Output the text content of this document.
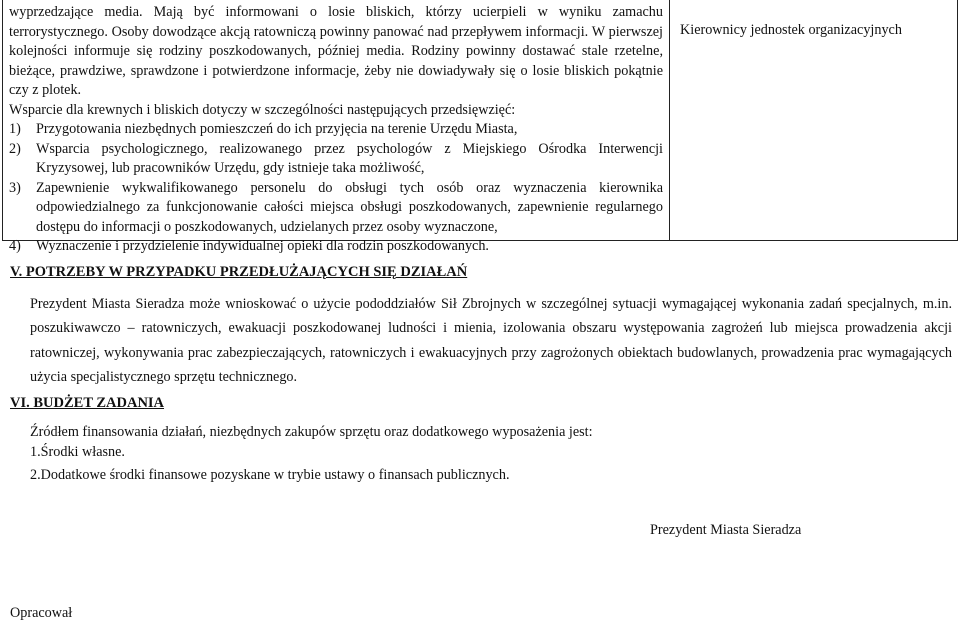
wyprzedzające media. Mają być informowani o losie bliskich, którzy ucierpieli w wyniku zamachu terrorystycznego. Osoby dowodzące akcją ratowniczą powinny panować nad przepływem informacji. W pierwszej kolejności informuje się rodziny poszkodowanych, później media. Rodziny powinny dostawać stale rzetelne, bieżące, prawdziwe, sprawdzone i potwierdzone informacje, żeby nie dowiadywały się o losie bliskich pokątnie czy z plotek.
Wsparcie dla krewnych i bliskich dotyczy w szczególności następujących przedsięwzięć:
1)	Przygotowania niezbędnych pomieszczeń do ich przyjęcia na terenie Urzędu Miasta,
2)	Wsparcia psychologicznego, realizowanego przez psychologów z Miejskiego Ośrodka Interwencji Kryzysowej, lub pracowników Urzędu, gdy istnieje taka możliwość,
3)	Zapewnienie wykwalifikowanego personelu do obsługi tych osób oraz wyznaczenia kierownika odpowiedzialnego za funkcjonowanie całości miejsca obsługi poszkodowanych, zapewnienie regularnego dostępu do informacji o poszkodowanych, udzielanych przez osoby wyznaczone,
4)	Wyznaczenie i przydzielenie indywidualnej opieki dla rodzin poszkodowanych.
Kierownicy jednostek organizacyjnych
V. POTRZEBY W PRZYPADKU PRZEDŁUŻAJĄCYCH SIĘ DZIAŁAŃ
Prezydent Miasta Sieradza może wnioskować o użycie pododdziałów Sił Zbrojnych w szczególnej sytuacji wymagającej wykonania zadań specjalnych, m.in. poszukiwawczo – ratowniczych, ewakuacji poszkodowanej ludności i mienia, izolowania obszaru występowania zagrożeń lub miejsca prowadzenia akcji ratowniczej, wykonywania prac zabezpieczających, ratowniczych i ewakuacyjnych przy zagrożonych obiektach budowlanych, prowadzenia prac wymagających użycia specjalistycznego sprzętu technicznego.
VI. BUDŻET ZADANIA
Źródłem finansowania działań, niezbędnych zakupów sprzętu oraz dodatkowego wyposażenia jest:
1.Środki własne.
2.Dodatkowe środki finansowe pozyskane w trybie ustawy o finansach publicznych.
Prezydent Miasta Sieradza
Opracował
